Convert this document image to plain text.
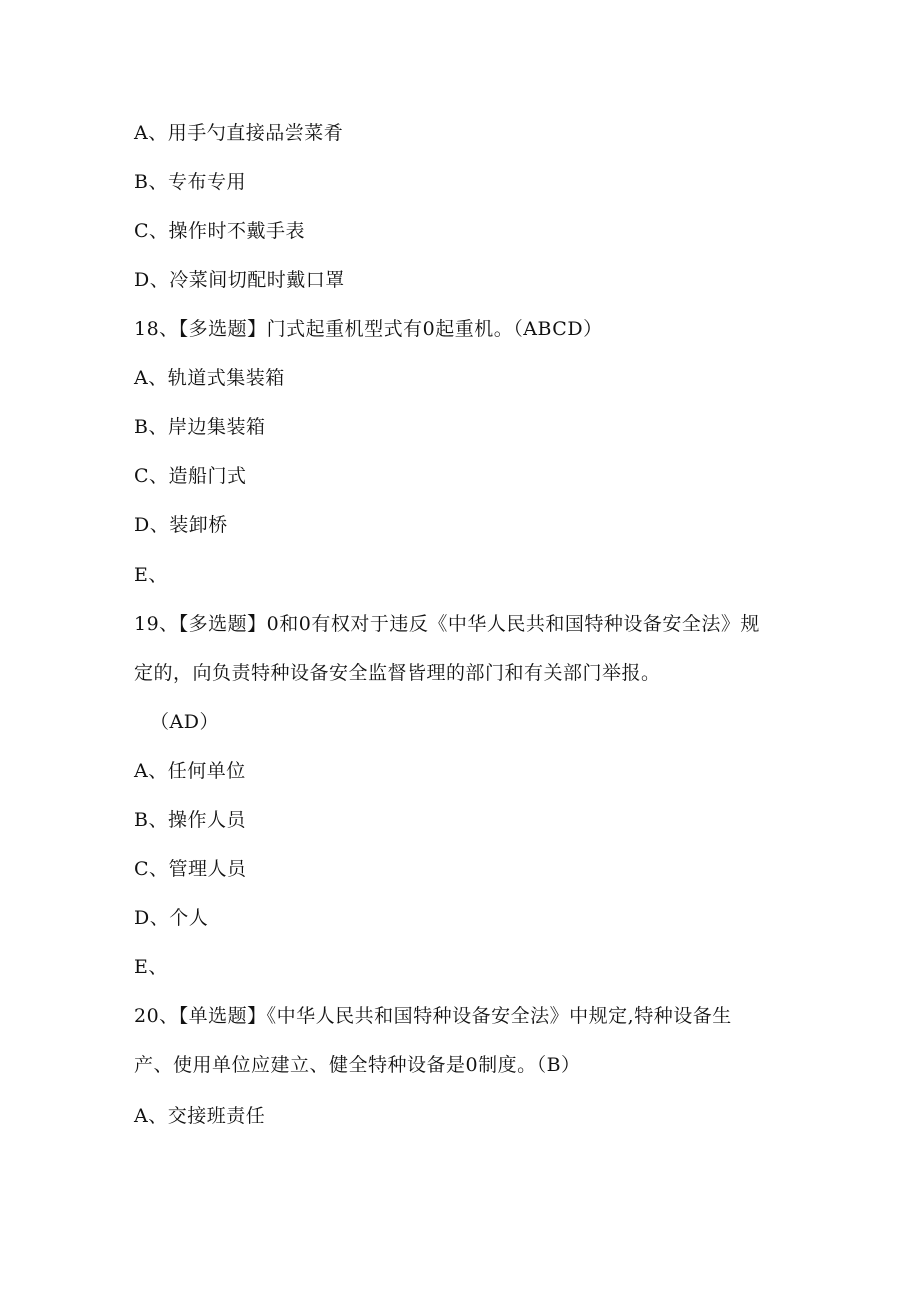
A、用手勺直接品尝菜肴
B、专布专用
C、操作时不戴手表
D、冷菜间切配时戴口罩
18、【多选题】门式起重机型式有0起重机。（ABCD）
A、轨道式集装箱
B、岸边集装箱
C、造船门式
D、装卸桥
E、
19、【多选题】0和0有权对于违反《中华人民共和国特种设备安全法》规
定的，向负责特种设备安全监督皆理的部门和有关部门举报。
（AD）
A、任何单位
B、操作人员
C、管理人员
D、个人
E、
20、【单选题】《中华人民共和国特种设备安全法》中规定,特种设备生
产、使用单位应建立、健全特种设备是0制度。（B）
A、交接班责任
